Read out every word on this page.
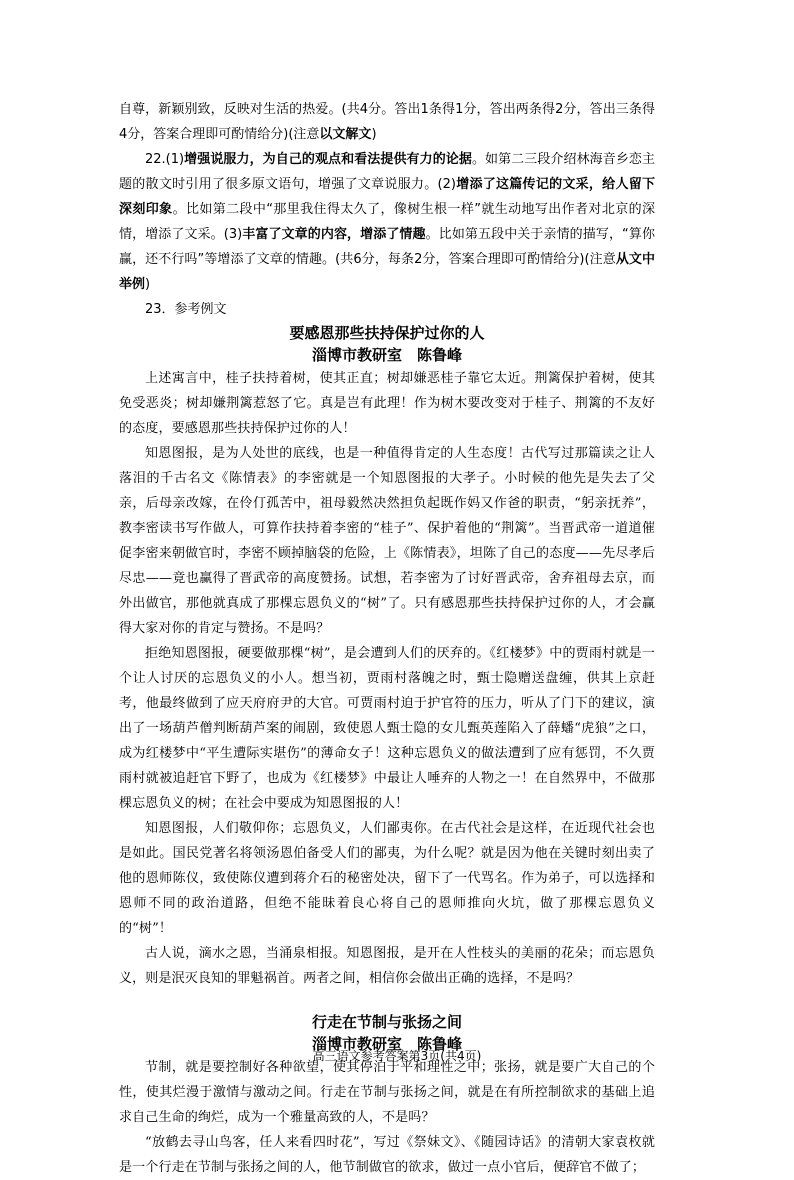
自尊，新颖别致，反映对生活的热爱。(共4分。答出1条得1分，答出两条得2分，答出三条得4分，答案合理即可酌情给分)(注意以文解文)

22.(1)增强说服力，为自己的观点和看法提供有力的论据。如第二三段介绍林海音乡恋主题的散文时引用了很多原文语句，增强了文章说服力。(2)增添了这篇传记的文采，给人留下深刻印象。比如第二段中“那里我住得太久了，像树生根一样”就生动地写出作者对北京的深情，增添了文采。(3)丰富了文章的内容，增添了情趣。比如第五段中关于亲情的描写，“算你赢，还不行吗”等增添了文章的情趣。(共6分，每条2分，答案合理即可酌情给分)(注意从文中举例)

23．参考例文

要感恩那些扶持保护过你的人

淄博市教研室　陈鲁峰

上述寓言中，桂子扶持着树，使其正直；树却嫌恶桂子靠它太近。荆篱保护着树，使其免受恶炎；树却嫌荆篱惹怒了它。真是岂有此理！作为树木要改变对于桂子、荆篱的不友好的态度，要感恩那些扶持保护过你的人！

知恩图报，是为人处世的底线，也是一种值得肯定的人生态度！古代写过那篇读之让人落泪的千古名文《陈情表》的李密就是一个知恩图报的大孝子。小时候的他先是失去了父亲，后母亲改嫁，在伶仃孤苦中，祖母毅然决然担负起既作妈又作爸的职责，“躬亲抚养”，教李密读书写作做人，可算作扶持着李密的“桂子”、保护着他的“荆篱”。当晋武帝一道道催促李密来朝做官时，李密不顾掉脑袋的危险，上《陈情表》，坦陈了自己的态度——先尽孝后尽忠——竟也赢得了晋武帝的高度赞扬。试想，若李密为了讨好晋武帝，舍弃祖母去京，而外出做官，那他就真成了那棵忘恩负义的“树”了。只有感恩那些扶持保护过你的人，才会赢得大家对你的肯定与赞扬。不是吗？

拒绝知恩图报，硬要做那棵“树”，是会遭到人们的厌弃的。《红楼梦》中的贾雨村就是一个让人讨厌的忘恩负义的小人。想当初，贾雨村落魄之时，甄士隐赠送盘缠，供其上京赶考，他最终做到了应天府府尹的大官。可贾雨村迫于护官符的压力，听从了门下的建议，演出了一场葫芦僧判断葫芦案的闹剧，致使恩人甄士隐的女儿甄英莲陷入了薛蟠“虎狼”之口，成为红楼梦中“平生遭际实堪伤”的薄命女子！这种忘恩负义的做法遭到了应有惩罚，不久贾雨村就被追赶官下野了，也成为《红楼梦》中最让人唾弃的人物之一！在自然界中，不做那棵忘恩负义的树；在社会中要成为知恩图报的人！

知恩图报，人们敬仰你；忘恩负义，人们鄙夷你。在古代社会是这样，在近现代社会也是如此。国民党著名将领汤恩伯备受人们的鄙夷，为什么呢？就是因为他在关键时刻出卖了他的恩师陈仪，致使陈仪遭到蒋介石的秘密处决，留下了一代骂名。作为弟子，可以选择和恩师不同的政治道路，但绝不能昧着良心将自己的恩师推向火坑，做了那棵忘恩负义的“树”！

古人说，滴水之恩，当涌泉相报。知恩图报，是开在人性枝头的美丽的花朵；而忘恩负义，则是泯灭良知的罪魁祸首。两者之间，相信你会做出正确的选择，不是吗？

行走在节制与张扬之间

淄博市教研室　陈鲁峰

节制，就是要控制好各种欲望，使其停泊于平和理性之中；张扬，就是要广大自己的个性，使其烂漫于激情与激动之间。行走在节制与张扬之间，就是在有所控制欲求的基础上追求自己生命的绚烂，成为一个雅量高致的人，不是吗？

“放鹤去寻山鸟客，任人来看四时花”，写过《祭妹文》、《随园诗话》的清朝大家袁枚就是一个行走在节制与张扬之间的人，他节制做官的欲求，做过一点小官后，便辞官不做了；

高三语文参考答案第3页(共4页)
